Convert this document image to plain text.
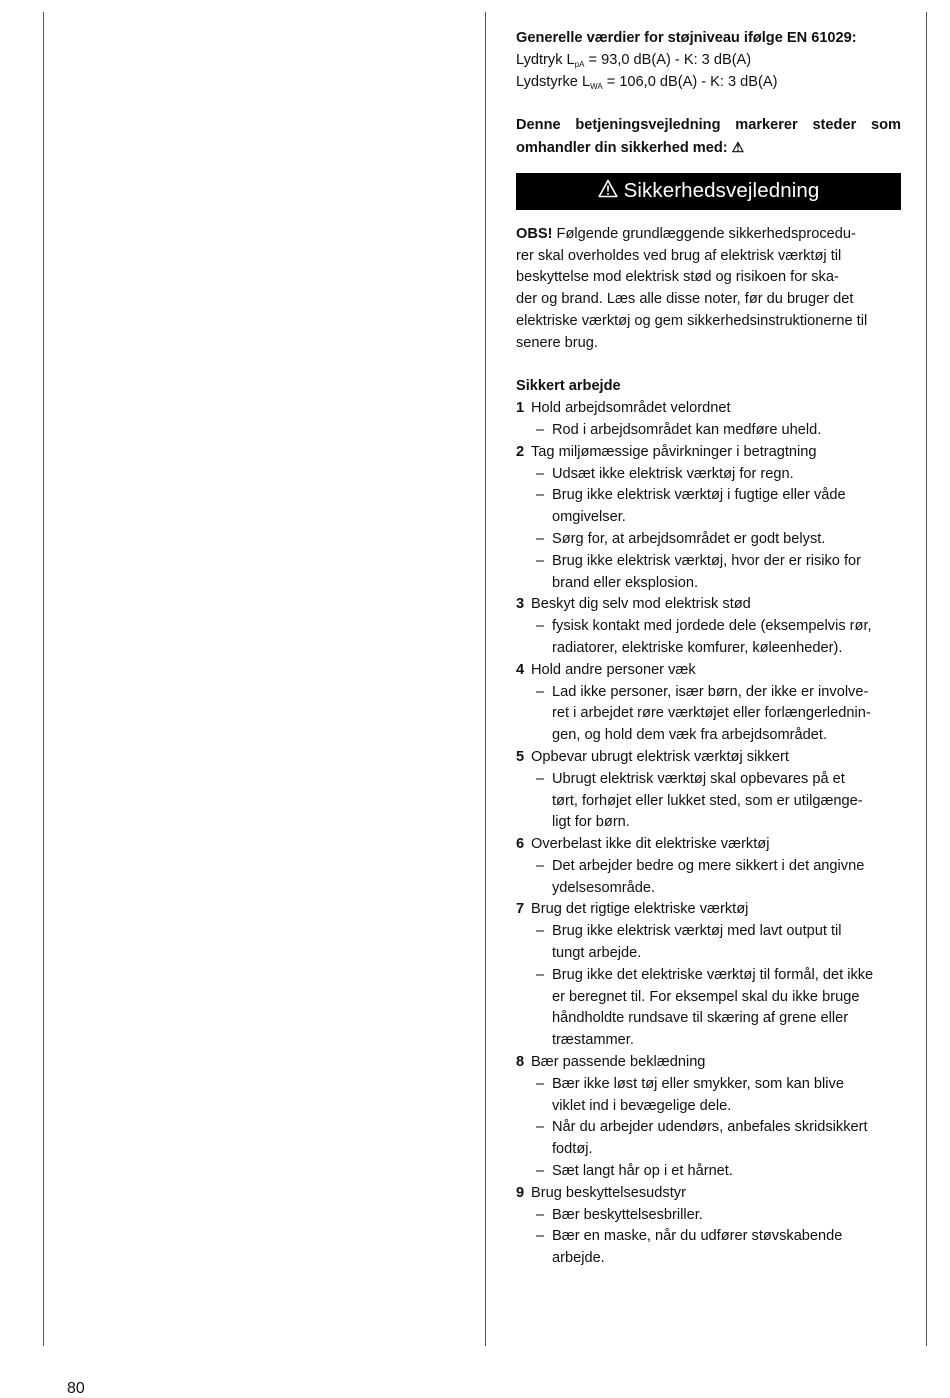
Generelle værdier for støjniveau ifølge EN 61029:
Lydtryk $L_{pA} = 93,0$ dB(A) - K: 3 dB(A)
Lydstyrke $L_{WA} = 106,0$ dB(A) - K: 3 dB(A)
Denne betjeningsvejledning markerer steder som
omhandler din sikkerhed med: ⚠
Sikkerhedsvejledning
OBS! Følgende grundlæggende sikkerhedsprocedu-
rer skal overholdes ved brug af elektrisk værktøj til
beskyttelse mod elektrisk stød og risikoen for ska-
der og brand. Læs alle disse noter, før du bruger det
elektriske værktøj og gem sikkerhedsinstruktionerne til
senere brug.
Sikkert arbejde
1 Hold arbejdsområdet velordnet
– Rod i arbejdsområdet kan medføre uheld.
2 Tag miljømæssige påvirkninger i betragtning
– Udsæt ikke elektrisk værktøj for regn.
– Brug ikke elektrisk værktøj i fugtige eller våde
omgivelser.
– Sørg for, at arbejdsområdet er godt belyst.
– Brug ikke elektrisk værktøj, hvor der er risiko for
brand eller eksplosion.
3 Beskyt dig selv mod elektrisk stød
– fysisk kontakt med jordede dele (eksempelvis rør,
radiatorer, elektriske komfurer, køleenheder).
4 Hold andre personer væk
– Lad ikke personer, især børn, der ikke er involve-
ret i arbejdet røre værktøjet eller forlængerlednin-
gen, og hold dem væk fra arbejdsområdet.
5 Opbevar ubrugt elektrisk værktøj sikkert
– Ubrugt elektrisk værktøj skal opbevares på et
tørt, forhøjet eller lukket sted, som er utilgænge-
ligt for børn.
6 Overbelast ikke dit elektriske værktøj
– Det arbejder bedre og mere sikkert i det angivne
ydelsesområde.
7 Brug det rigtige elektriske værktøj
– Brug ikke elektrisk værktøj med lavt output til
tungt arbejde.
– Brug ikke det elektriske værktøj til formål, det ikke
er beregnet til. For eksempel skal du ikke bruge
håndholdte rundsave til skæring af grene eller
træstammer.
8 Bær passende beklædning
– Bær ikke løst tøj eller smykker, som kan blive
viklet ind i bevægelige dele.
– Når du arbejder udendørs, anbefales skridsikkert
fodtøj.
– Sæt langt hår op i et hårnet.
9 Brug beskyttelsesudstyr
– Bær beskyttelsesbriller.
– Bær en maske, når du udfører støvskabende
arbejde.
80
